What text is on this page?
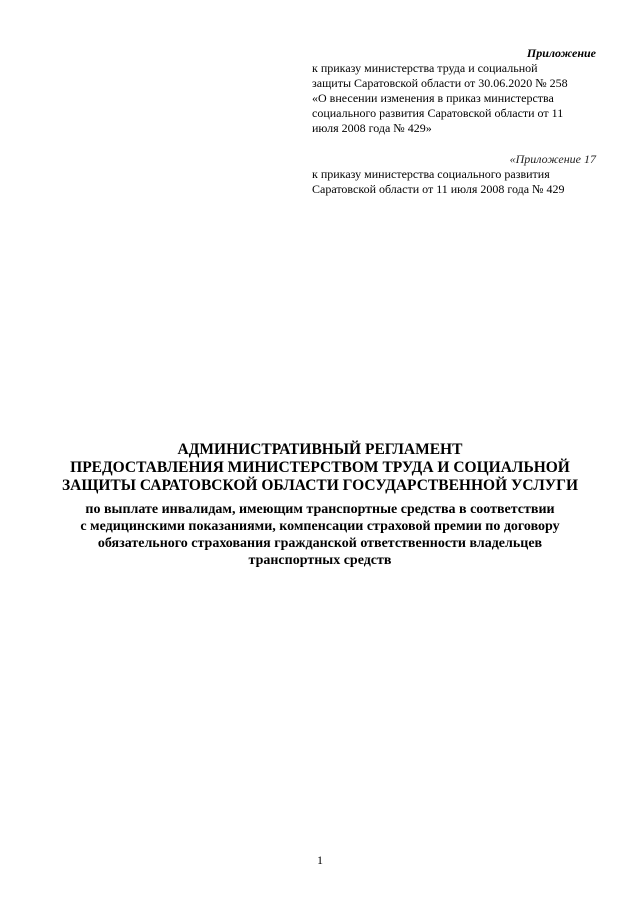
Приложение
к приказу министерства труда и социальной
защиты Саратовской области от 30.06.2020 № 258
«О внесении изменения в приказ министерства
социального развития Саратовской области от 11
июля 2008 года № 429»
«Приложение 17
к приказу министерства социального развития
Саратовской области от 11 июля 2008 года № 429
АДМИНИСТРАТИВНЫЙ РЕГЛАМЕНТ
ПРЕДОСТАВЛЕНИЯ МИНИСТЕРСТВОМ ТРУДА И СОЦИАЛЬНОЙ
ЗАЩИТЫ САРАТОВСКОЙ ОБЛАСТИ ГОСУДАРСТВЕННОЙ УСЛУГИ
по выплате инвалидам, имеющим транспортные средства в соответствии
с медицинскими показаниями, компенсации страховой премии по договору
обязательного страхования гражданской ответственности владельцев
транспортных средств
1
